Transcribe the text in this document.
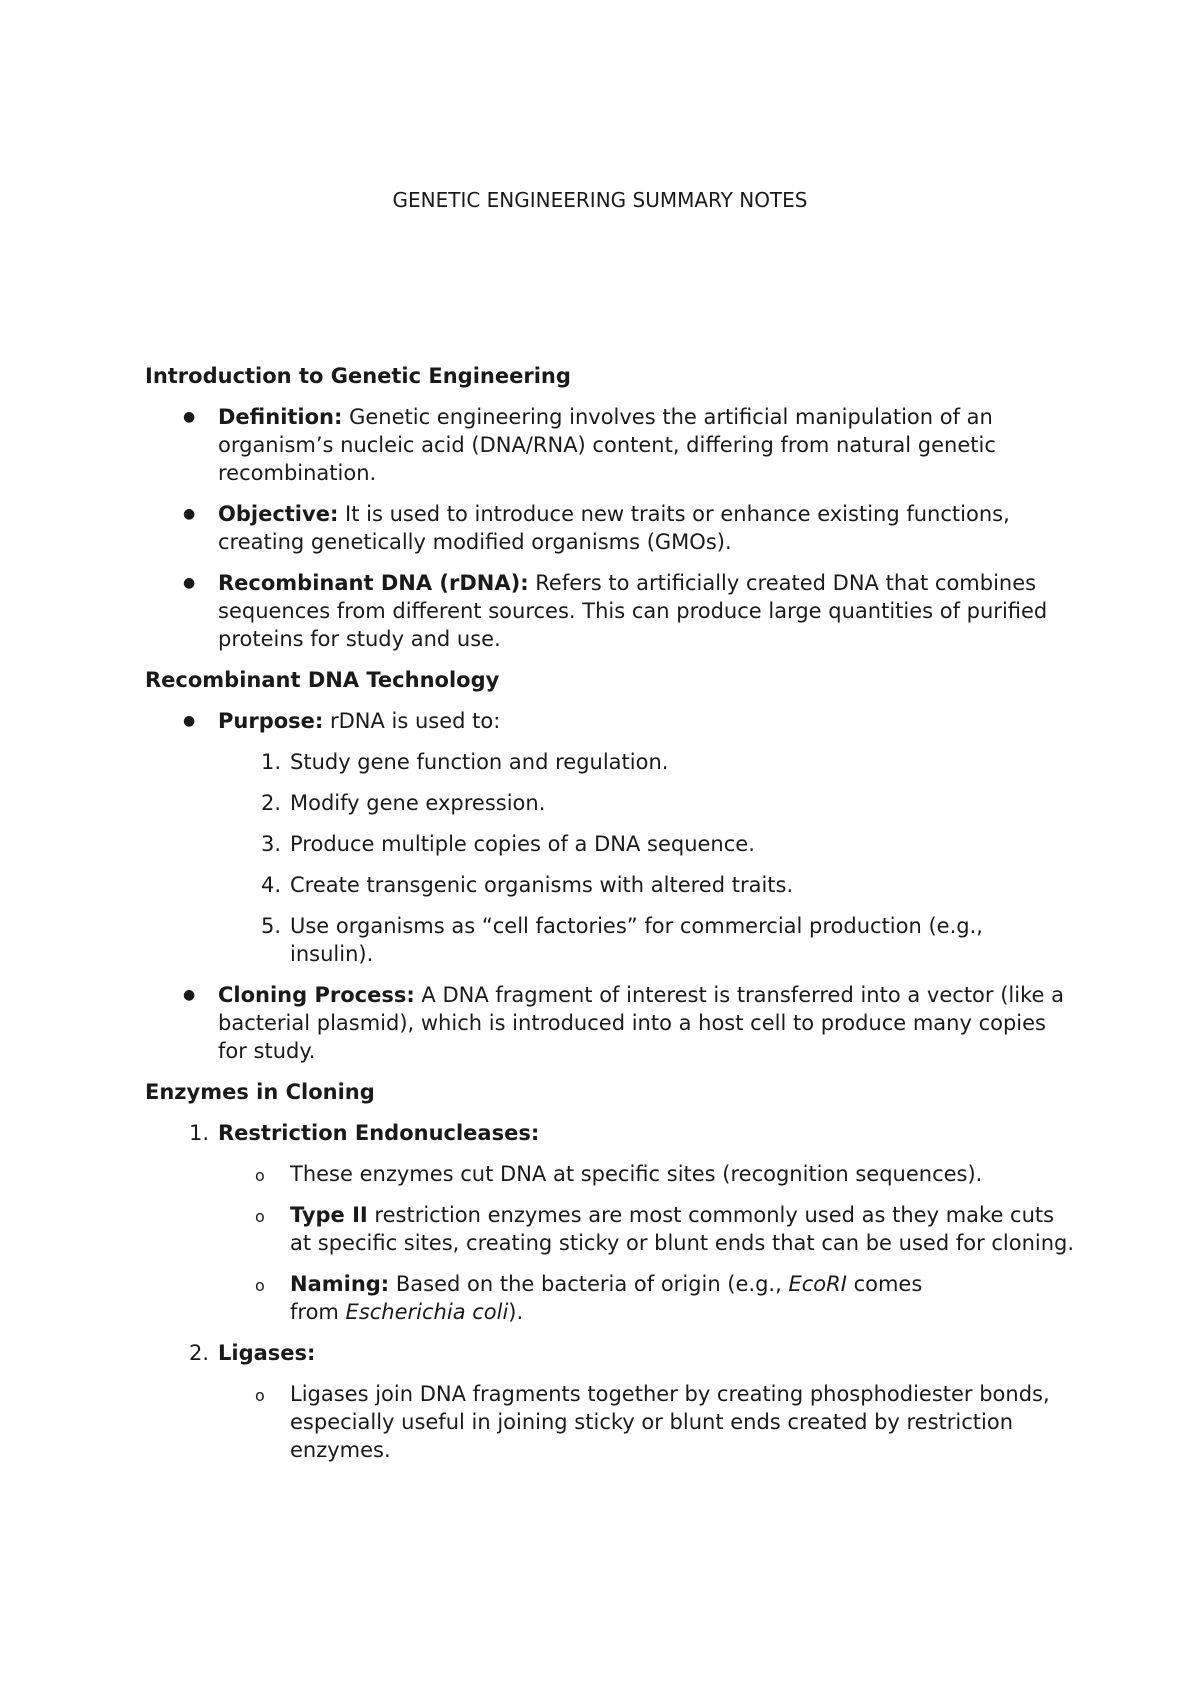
GENETIC ENGINEERING SUMMARY NOTES
Introduction to Genetic Engineering
● Definition: Genetic engineering involves the artificial manipulation of an organism’s nucleic acid (DNA/RNA) content, differing from natural genetic recombination.
● Objective: It is used to introduce new traits or enhance existing functions, creating genetically modified organisms (GMOs).
● Recombinant DNA (rDNA): Refers to artificially created DNA that combines sequences from different sources. This can produce large quantities of purified proteins for study and use.
Recombinant DNA Technology
● Purpose: rDNA is used to:
1. Study gene function and regulation.
2. Modify gene expression.
3. Produce multiple copies of a DNA sequence.
4. Create transgenic organisms with altered traits.
5. Use organisms as “cell factories” for commercial production (e.g., insulin).
● Cloning Process: A DNA fragment of interest is transferred into a vector (like a bacterial plasmid), which is introduced into a host cell to produce many copies for study.
Enzymes in Cloning
1. Restriction Endonucleases:
o These enzymes cut DNA at specific sites (recognition sequences).
o Type II restriction enzymes are most commonly used as they make cuts at specific sites, creating sticky or blunt ends that can be used for cloning.
o Naming: Based on the bacteria of origin (e.g., EcoRI comes from Escherichia coli).
2. Ligases:
o Ligases join DNA fragments together by creating phosphodiester bonds, especially useful in joining sticky or blunt ends created by restriction enzymes.
